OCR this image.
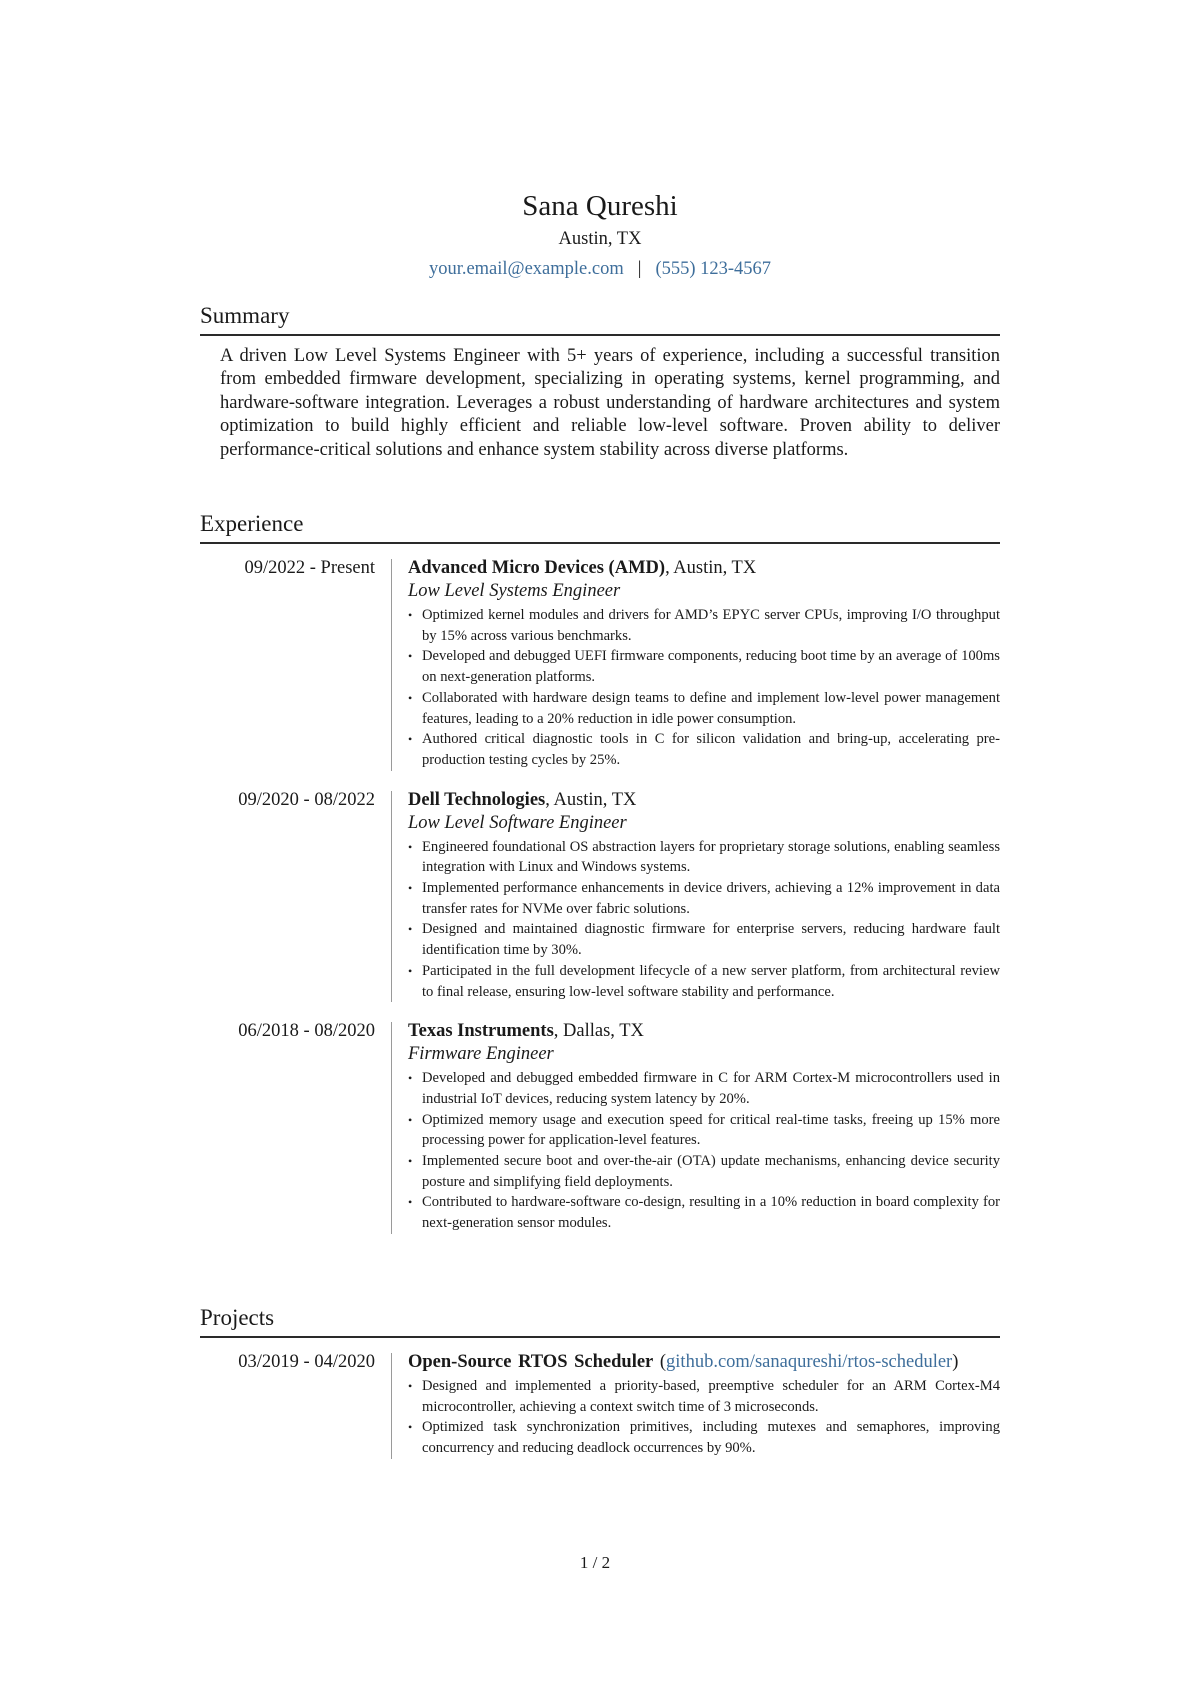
Sana Qureshi
Austin, TX
your.email@example.com | (555) 123-4567
Summary

A driven Low Level Systems Engineer with 5+ years of experience, including a successful transition from embedded firmware development, specializing in operating systems, kernel programming, and hardware-software integration. Leverages a robust understanding of hardware architectures and system optimization to build highly efficient and reliable low-level software. Proven ability to deliver performance-critical solutions and enhance system stability across diverse platforms.

Experience
09/2022 - Present Advanced Micro Devices (AMD), Austin, TX
Low Level Systems Engineer
• Optimized kernel modules and drivers for AMD’s EPYC server CPUs, improving I/O throughput by 15% across various benchmarks.
• Developed and debugged UEFI firmware components, reducing boot time by an average of 100ms on next-generation platforms.
• Collaborated with hardware design teams to define and implement low-level power management features, leading to a 20% reduction in idle power consumption.
• Authored critical diagnostic tools in C for silicon validation and bring-up, accelerating pre-production testing cycles by 25%.
09/2020 - 08/2022 Dell Technologies, Austin, TX
Low Level Software Engineer
• Engineered foundational OS abstraction layers for proprietary storage solutions, enabling seamless integration with Linux and Windows systems.
• Implemented performance enhancements in device drivers, achieving a 12% improvement in data transfer rates for NVMe over fabric solutions.
• Designed and maintained diagnostic firmware for enterprise servers, reducing hardware fault identification time by 30%.
• Participated in the full development lifecycle of a new server platform, from architectural review to final release, ensuring low-level software stability and performance.
06/2018 - 08/2020 Texas Instruments, Dallas, TX
Firmware Engineer
• Developed and debugged embedded firmware in C for ARM Cortex-M microcontrollers used in industrial IoT devices, reducing system latency by 20%.
• Optimized memory usage and execution speed for critical real-time tasks, freeing up 15% more processing power for application-level features.
• Implemented secure boot and over-the-air (OTA) update mechanisms, enhancing device security posture and simplifying field deployments.
• Contributed to hardware-software co-design, resulting in a 10% reduction in board complexity for next-generation sensor modules.
Projects
03/2019 - 04/2020 Open-Source RTOS Scheduler (github.com/sanaqureshi/rtos-scheduler)
• Designed and implemented a priority-based, preemptive scheduler for an ARM Cortex-M4 microcontroller, achieving a context switch time of 3 microseconds.
• Optimized task synchronization primitives, including mutexes and semaphores, improving concurrency and reducing deadlock occurrences by 90%.
1 / 2
